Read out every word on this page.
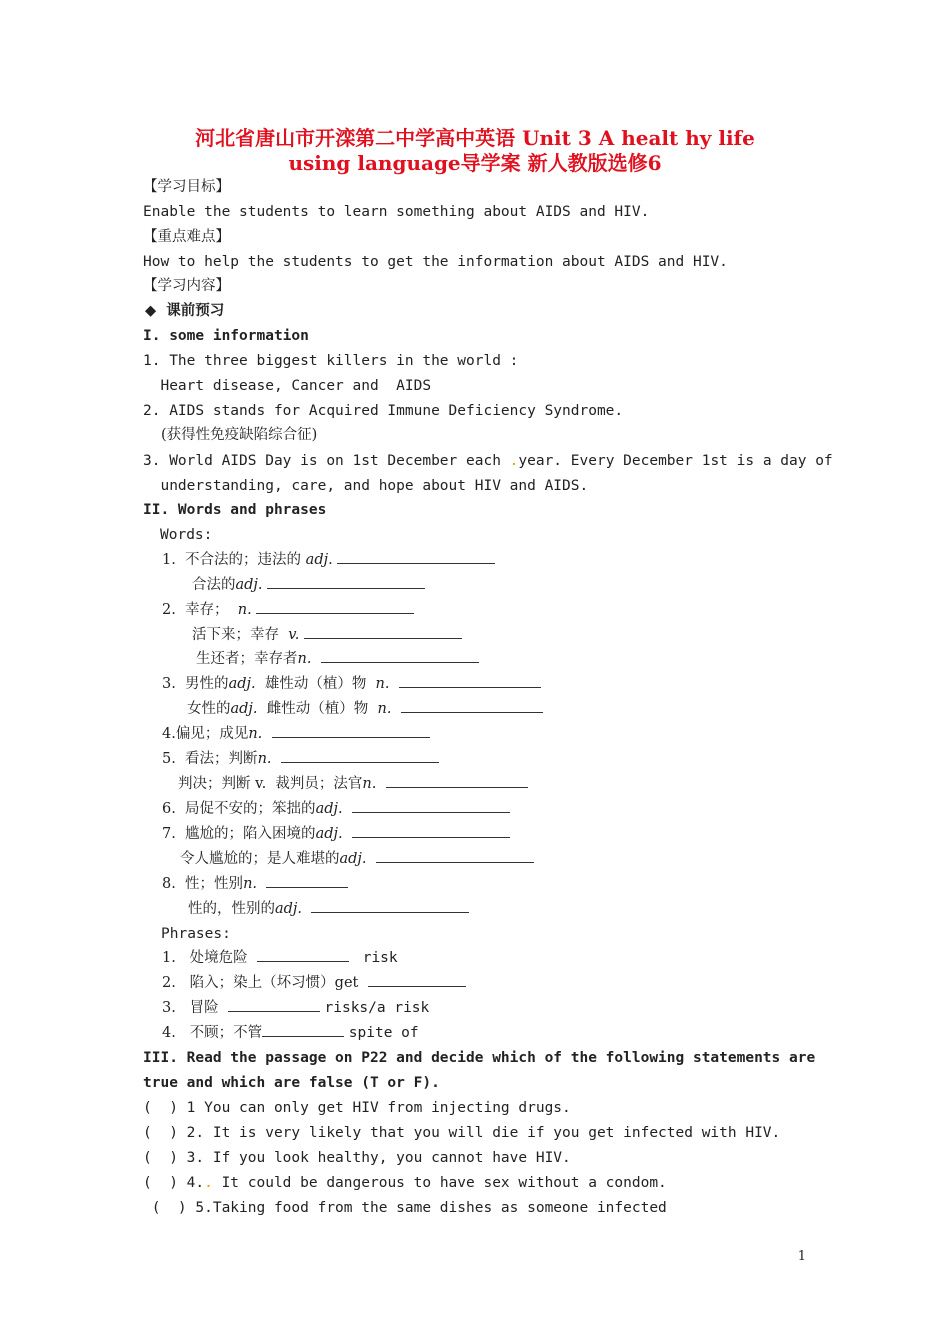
河北省唐山市开滦第二中学高中英语 Unit 3 A healt hy life
using language导学案 新人教版选修6
【学习目标】
Enable the students to learn something about AIDS and HIV.
【重点难点】
How to help the students to get the information about AIDS and HIV.
【学习内容】
◆  课前预习
I. some information
1. The three biggest killers in the world :
Heart disease, Cancer and  AIDS
2. AIDS stands for Acquired Immune Deficiency Syndrome.
(获得性免疫缺陷综合征)
3. World AIDS Day is on 1st December each .year. Every December 1st is a day of
understanding, care, and hope about HIV and AIDS.
II. Words and phrases
Words:
1.  不合法的；违法的 adj.
合法的adj.
2.  幸存； n.
活下来；幸存 v.
生还者；幸存者n.
3.  男性的adj. 雄性动（植）物 n.
女性的adj. 雌性动（植）物 n.
4.偏见；成见n.
5.  看法；判断n.
判决；判断 v.  裁判员；法官n.
6.  局促不安的；笨拙的adj.
7.  尴尬的；陷入困境的adj.
令人尴尬的；是人难堪的adj.
8.  性；性别n.
性的，性别的adj.
Phrases:
1.   处境危险	risk
2.   陷入；染上（坏习惯）get
3.   冒险	risks/a risk
4.   不顾；不管	spite of
III. Read the passage on P22 and decide which of the following statements are
true and which are false (T or F).
(  ) 1 You can only get HIV from injecting drugs.
(  ) 2. It is very likely that you will die if you get infected with HIV.
(  ) 3. If you look healthy, you cannot have HIV.
(  ) 4.. It could be dangerous to have sex without a condom.
(  ) 5.Taking food from the same dishes as someone infected
1
